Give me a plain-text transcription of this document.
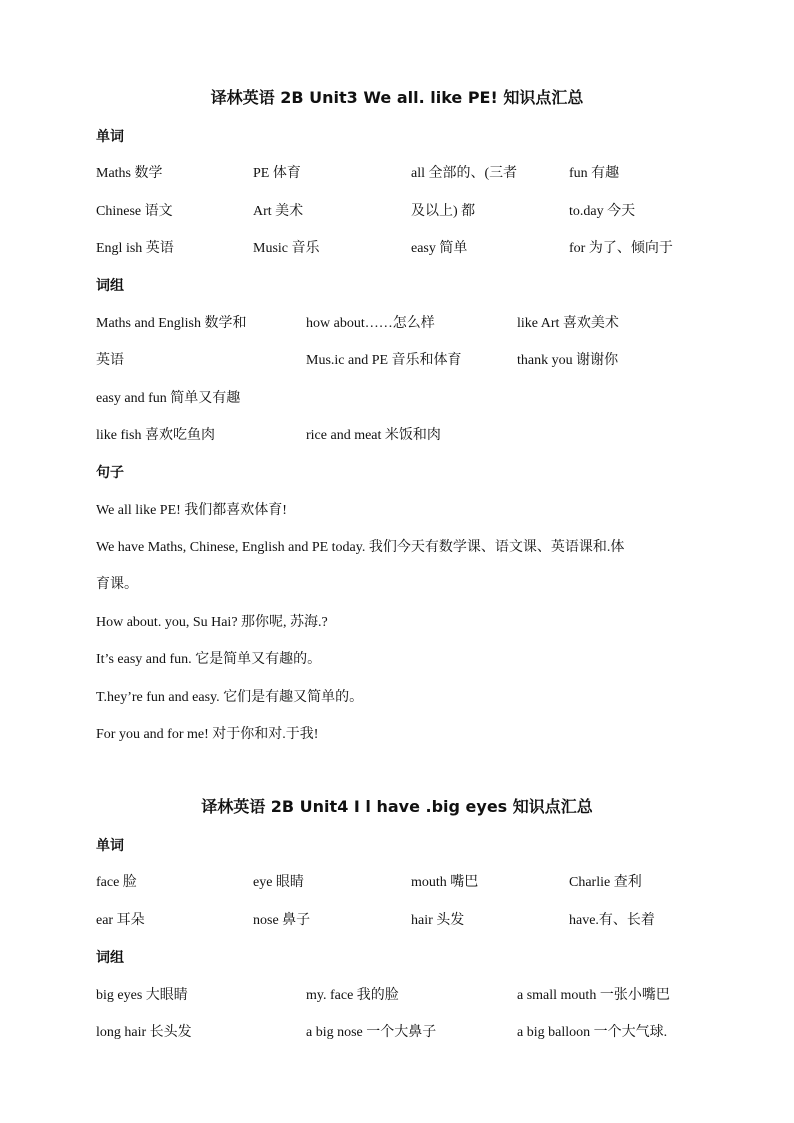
译林英语 2B Unit3 We all. like PE! 知识点汇总
单词
Maths 数学	PE 体育	all 全部的、(三者	fun 有趣
Chinese 语文	Art 美术	及以上) 都	to.day 今天
Engl ish 英语	Music 音乐	easy 简单	for 为了、倾向于
词组
Maths and English 数学和	how about……怎么样	like Art 喜欢美术
英语	Mus.ic and PE 音乐和体育	thank you 谢谢你
easy and fun 简单又有趣
like fish 喜欢吃鱼肉	rice and meat 米饭和肉
句子
We all like PE! 我们都喜欢体育!
We have Maths, Chinese, English and PE today. 我们今天有数学课、语文课、英语课和.体
育课。
How about. you, Su Hai? 那你呢, 苏海.?
It’s easy and fun. 它是简单又有趣的。
T.hey’re fun and easy. 它们是有趣又简单的。
For you and for me! 对于你和对.于我!
译林英语 2B Unit4 I l have .big eyes 知识点汇总
单词
face 脸	eye 眼睛	mouth 嘴巴	Charlie 查利
ear 耳朵	nose 鼻子	hair 头发	have.有、长着
词组
big eyes 大眼睛	my. face 我的脸	a small mouth 一张小嘴巴
long hair 长头发	a big nose 一个大鼻子	a big balloon 一个大气球.
